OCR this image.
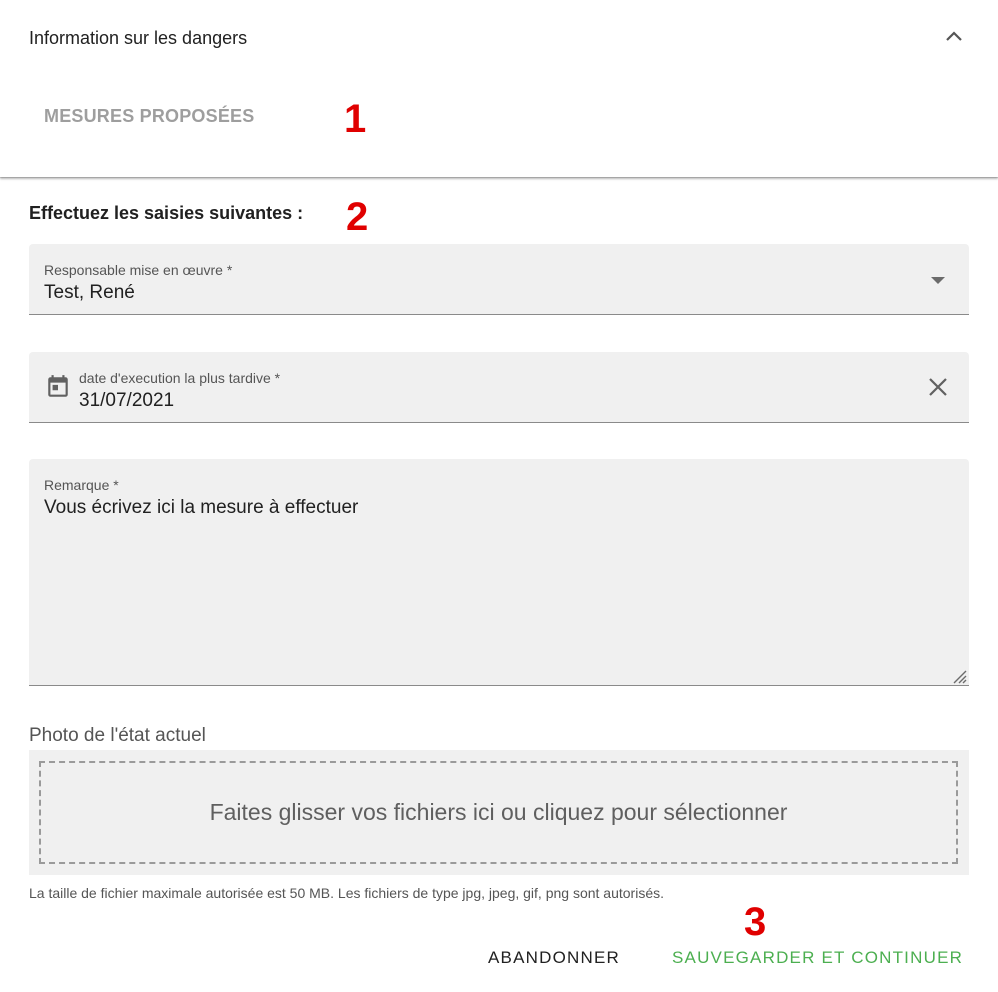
Information sur les dangers
MESURES PROPOSÉES 1
Effectuez les saisies suivantes : 2
Responsable mise en œuvre *
Test, René
date d'execution la plus tardive *
31/07/2021
Remarque *
Vous écrivez ici la mesure à effectuer
Photo de l'état actuel
Faites glisser vos fichiers ici ou cliquez pour sélectionner
La taille de fichier maximale autorisée est 50 MB. Les fichiers de type jpg, jpeg, gif, png sont autorisés.
3
ABANDONNER	SAUVEGARDER ET CONTINUER
